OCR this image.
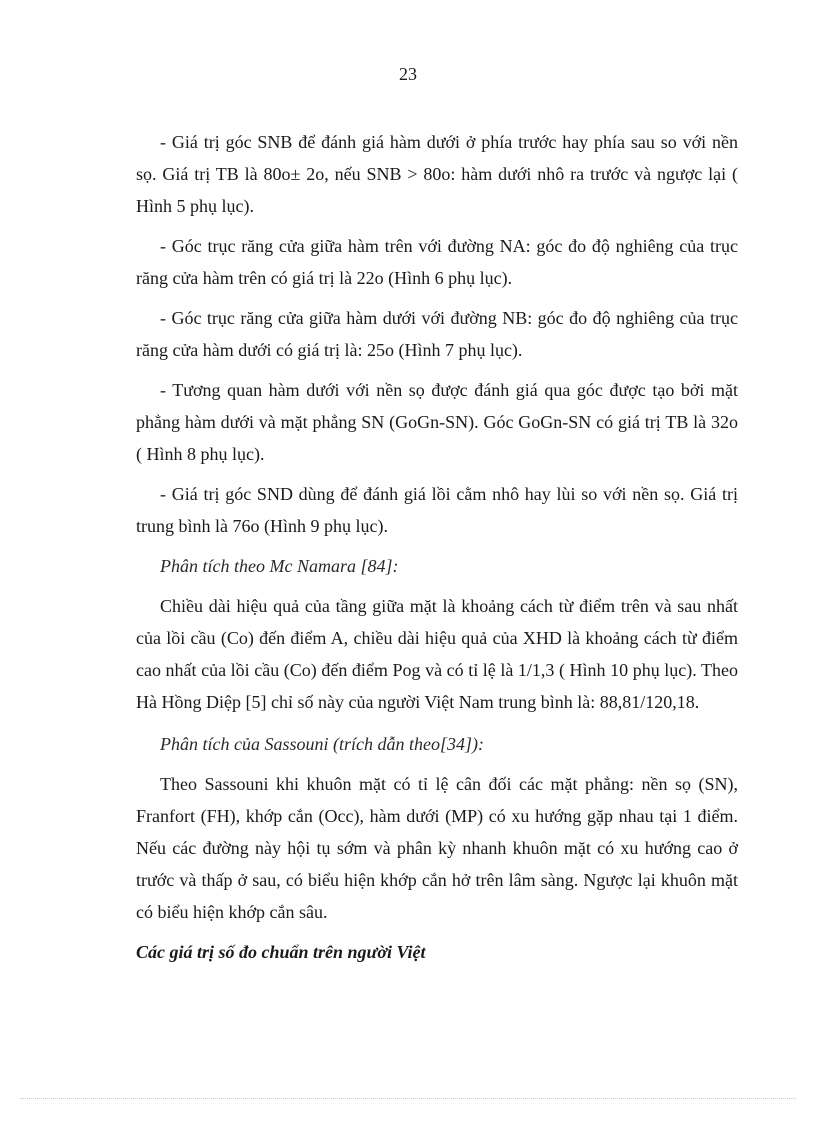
23

- Giá trị góc SNB để đánh giá hàm dưới ở phía trước hay phía sau so với nền sọ. Giá trị TB là 80o± 2o, nếu SNB > 80o: hàm dưới nhô ra trước và ngược lại ( Hình 5 phụ lục).

- Góc trục răng cửa giữa hàm trên với đường NA: góc đo độ nghiêng của trục răng cửa hàm trên có giá trị là 22o (Hình 6 phụ lục).

- Góc trục răng cửa giữa hàm dưới với đường NB: góc đo độ nghiêng của trục răng cửa hàm dưới có giá trị là: 25o (Hình 7 phụ lục).

- Tương quan hàm dưới với nền sọ được đánh giá qua góc được tạo bởi mặt phẳng hàm dưới và mặt phẳng SN (GoGn-SN). Góc GoGn-SN có giá trị TB là 32o ( Hình 8 phụ lục).

- Giá trị góc SND dùng để đánh giá lồi cằm nhô hay lùi so với nền sọ. Giá trị trung bình là 76o (Hình 9 phụ lục).

Phân tích theo Mc Namara [84]:

Chiều dài hiệu quả của tầng giữa mặt là khoảng cách từ điểm trên và sau nhất của lồi cầu (Co) đến điểm A, chiều dài hiệu quả của XHD là khoảng cách từ điểm cao nhất của lồi cầu (Co) đến điểm Pog và có tỉ lệ là 1/1,3 ( Hình 10 phụ lục). Theo Hà Hồng Diệp [5] chỉ số này của người Việt Nam trung bình là: 88,81/120,18.

Phân tích của Sassouni (trích dẫn theo[34]):

Theo Sassouni khi khuôn mặt có tỉ lệ cân đối các mặt phẳng: nền sọ (SN), Franfort (FH), khớp cắn (Occ), hàm dưới (MP) có xu hướng gặp nhau tại 1 điểm. Nếu các đường này hội tụ sớm và phân kỳ nhanh khuôn mặt có xu hướng cao ở trước và thấp ở sau, có biểu hiện khớp cắn hở trên lâm sàng. Ngược lại khuôn mặt có biểu hiện khớp cắn sâu.

Các giá trị số đo chuẩn trên người Việt
